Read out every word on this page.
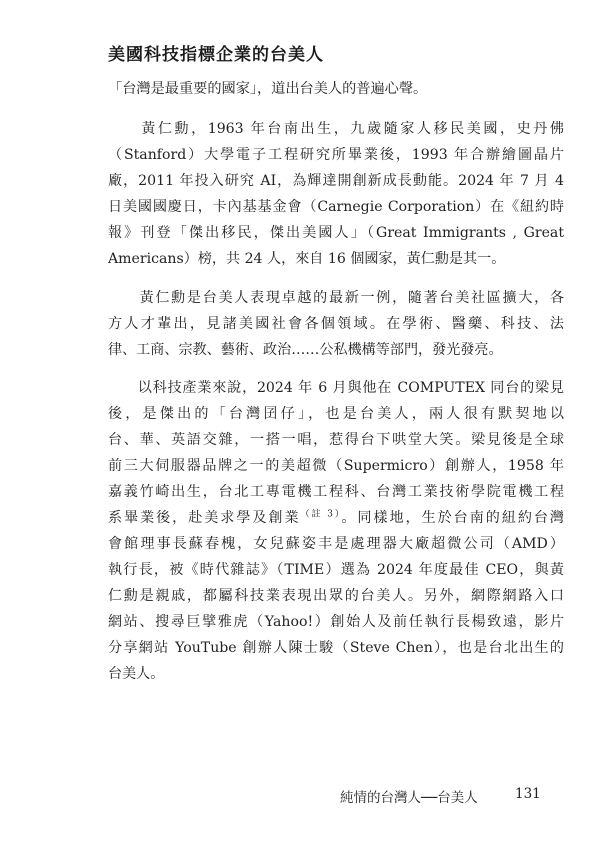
美國科技指標企業的台美人
「台灣是最重要的國家」，道出台美人的普遍心聲。
　　黃仁勳，1963 年台南出生，九歲隨家人移民美國，史丹佛
（Stanford）大學電子工程研究所畢業後，1993 年合辦繪圖晶片
廠，2011 年投入研究 AI，為輝達開創新成長動能。2024 年 7 月 4
日美國國慶日，卡內基基金會（Carnegie Corporation）在《紐約時
報》刊登「傑出移民，傑出美國人」（Great Immigrants , Great
Americans）榜，共 24 人，來自 16 個國家，黃仁勳是其一。
　　黃仁勳是台美人表現卓越的最新一例，隨著台美社區擴大，各
方人才輩出，見諸美國社會各個領域。在學術、醫藥、科技、法
律、工商、宗教、藝術、政治……公私機構等部門，發光發亮。
　　以科技產業來說，2024 年 6 月與他在 COMPUTEX 同台的梁見
後，是傑出的「台灣囝仔」，也是台美人，兩人很有默契地以
台、華、英語交雜，一搭一唱，惹得台下哄堂大笑。梁見後是全球
前三大伺服器品牌之一的美超微（Supermicro）創辦人，1958 年
嘉義竹崎出生，台北工專電機工程科、台灣工業技術學院電機工程
系畢業後，赴美求學及創業$^{(註 3)}$。同樣地，生於台南的紐約台灣
會館理事長蘇春槐，女兒蘇姿丰是處理器大廠超微公司（AMD）
執行長，被《時代雜誌》（TIME）選為 2024 年度最佳 CEO，與黃
仁勳是親戚，都屬科技業表現出眾的台美人。另外，網際網路入口
網站、搜尋巨擘雅虎（Yahoo!）創始人及前任執行長楊致遠，影片
分享網站 YouTube 創辦人陳士駿（Steve Chen），也是台北出生的
台美人。
純情的台灣人──台美人	131
